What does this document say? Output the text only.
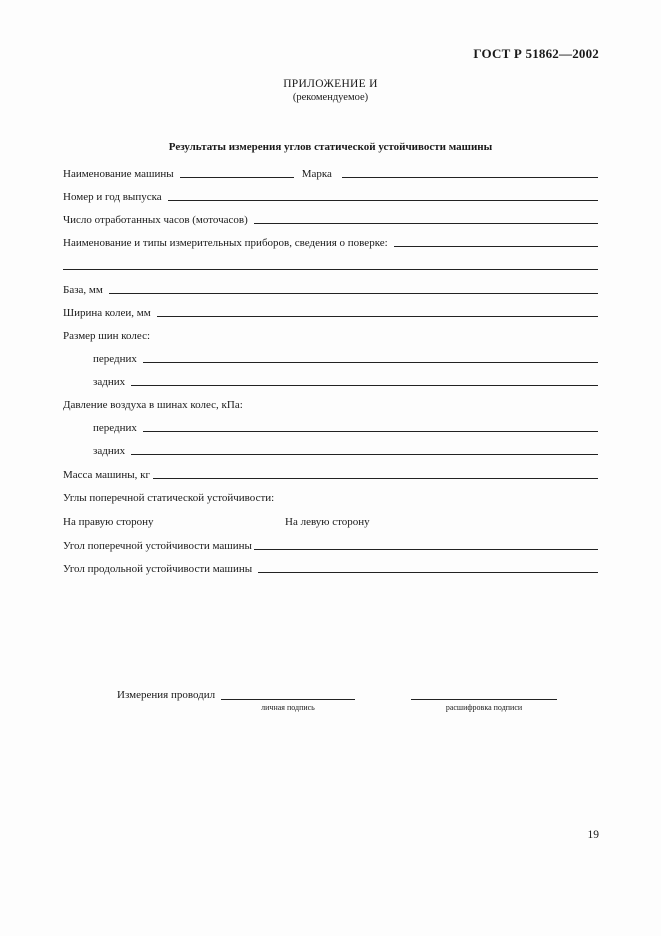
ГОСТ Р 51862—2002
ПРИЛОЖЕНИЕ И
(рекомендуемое)
Результаты измерения углов статической устойчивости машины
Наименование машины	Марка
Номер и год выпуска
Число отработанных часов (моточасов)
Наименование и типы измерительных приборов, сведения о поверке:
База, мм
Ширина колеи, мм
Размер шин колес:
передних
задних
Давление воздуха в шинах колес, кПа:
передних
задних
Масса машины, кг
Углы поперечной статической устойчивости:
На правую сторону	На левую сторону
Угол поперечной устойчивости машины
Угол продольной устойчивости машины
Измерения проводил
личная подпись	расшифровка подписи
19
